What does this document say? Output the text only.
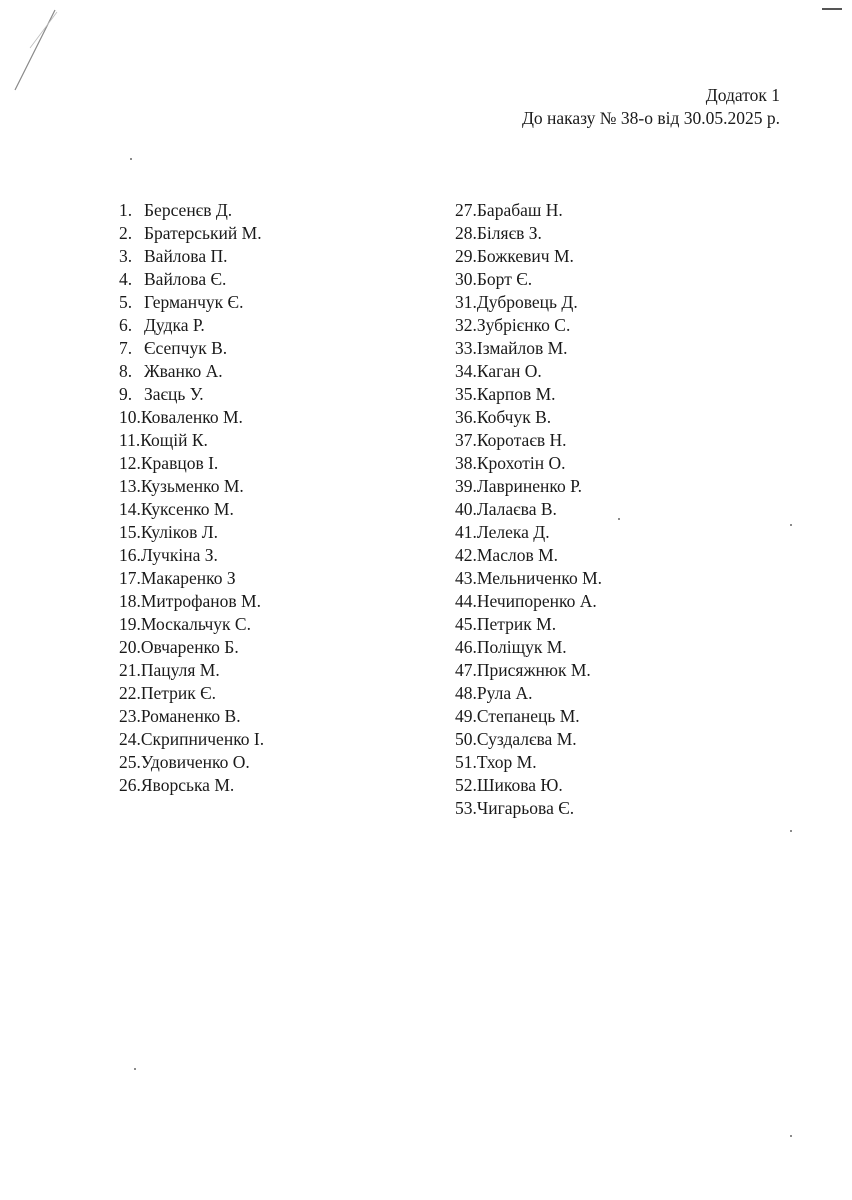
Додаток 1
До наказу № 38-о від 30.05.2025 р.
1. Берсенєв Д.
2. Братерський М.
3. Вайлова П.
4. Вайлова Є.
5. Германчук Є.
6. Дудка Р.
7. Єсепчук В.
8. Жванко А.
9. Заєць У.
10.Коваленко М.
11.Кощій К.
12.Кравцов І.
13.Кузьменко М.
14.Куксенко М.
15.Куліков Л.
16.Лучкіна З.
17.Макаренко З
18.Митрофанов М.
19.Москальчук С.
20.Овчаренко Б.
21.Пацуля М.
22.Петрик Є.
23.Романенко В.
24.Скрипниченко І.
25.Удовиченко О.
26.Яворська М.
27.Барабаш Н.
28.Біляєв З.
29.Божкевич М.
30.Борт Є.
31.Дубровець Д.
32.Зубрієнко С.
33.Ізмайлов М.
34.Каган О.
35.Карпов М.
36.Кобчук В.
37.Коротаєв Н.
38.Крохотін О.
39.Лавриненко Р.
40.Лалаєва В.
41.Лелека Д.
42.Маслов М.
43.Мельниченко М.
44.Нечипоренко А.
45.Петрик М.
46.Поліщук М.
47.Присяжнюк М.
48.Рула А.
49.Степанець М.
50.Суздалєва М.
51.Тхор М.
52.Шикова Ю.
53.Чигарьова Є.
